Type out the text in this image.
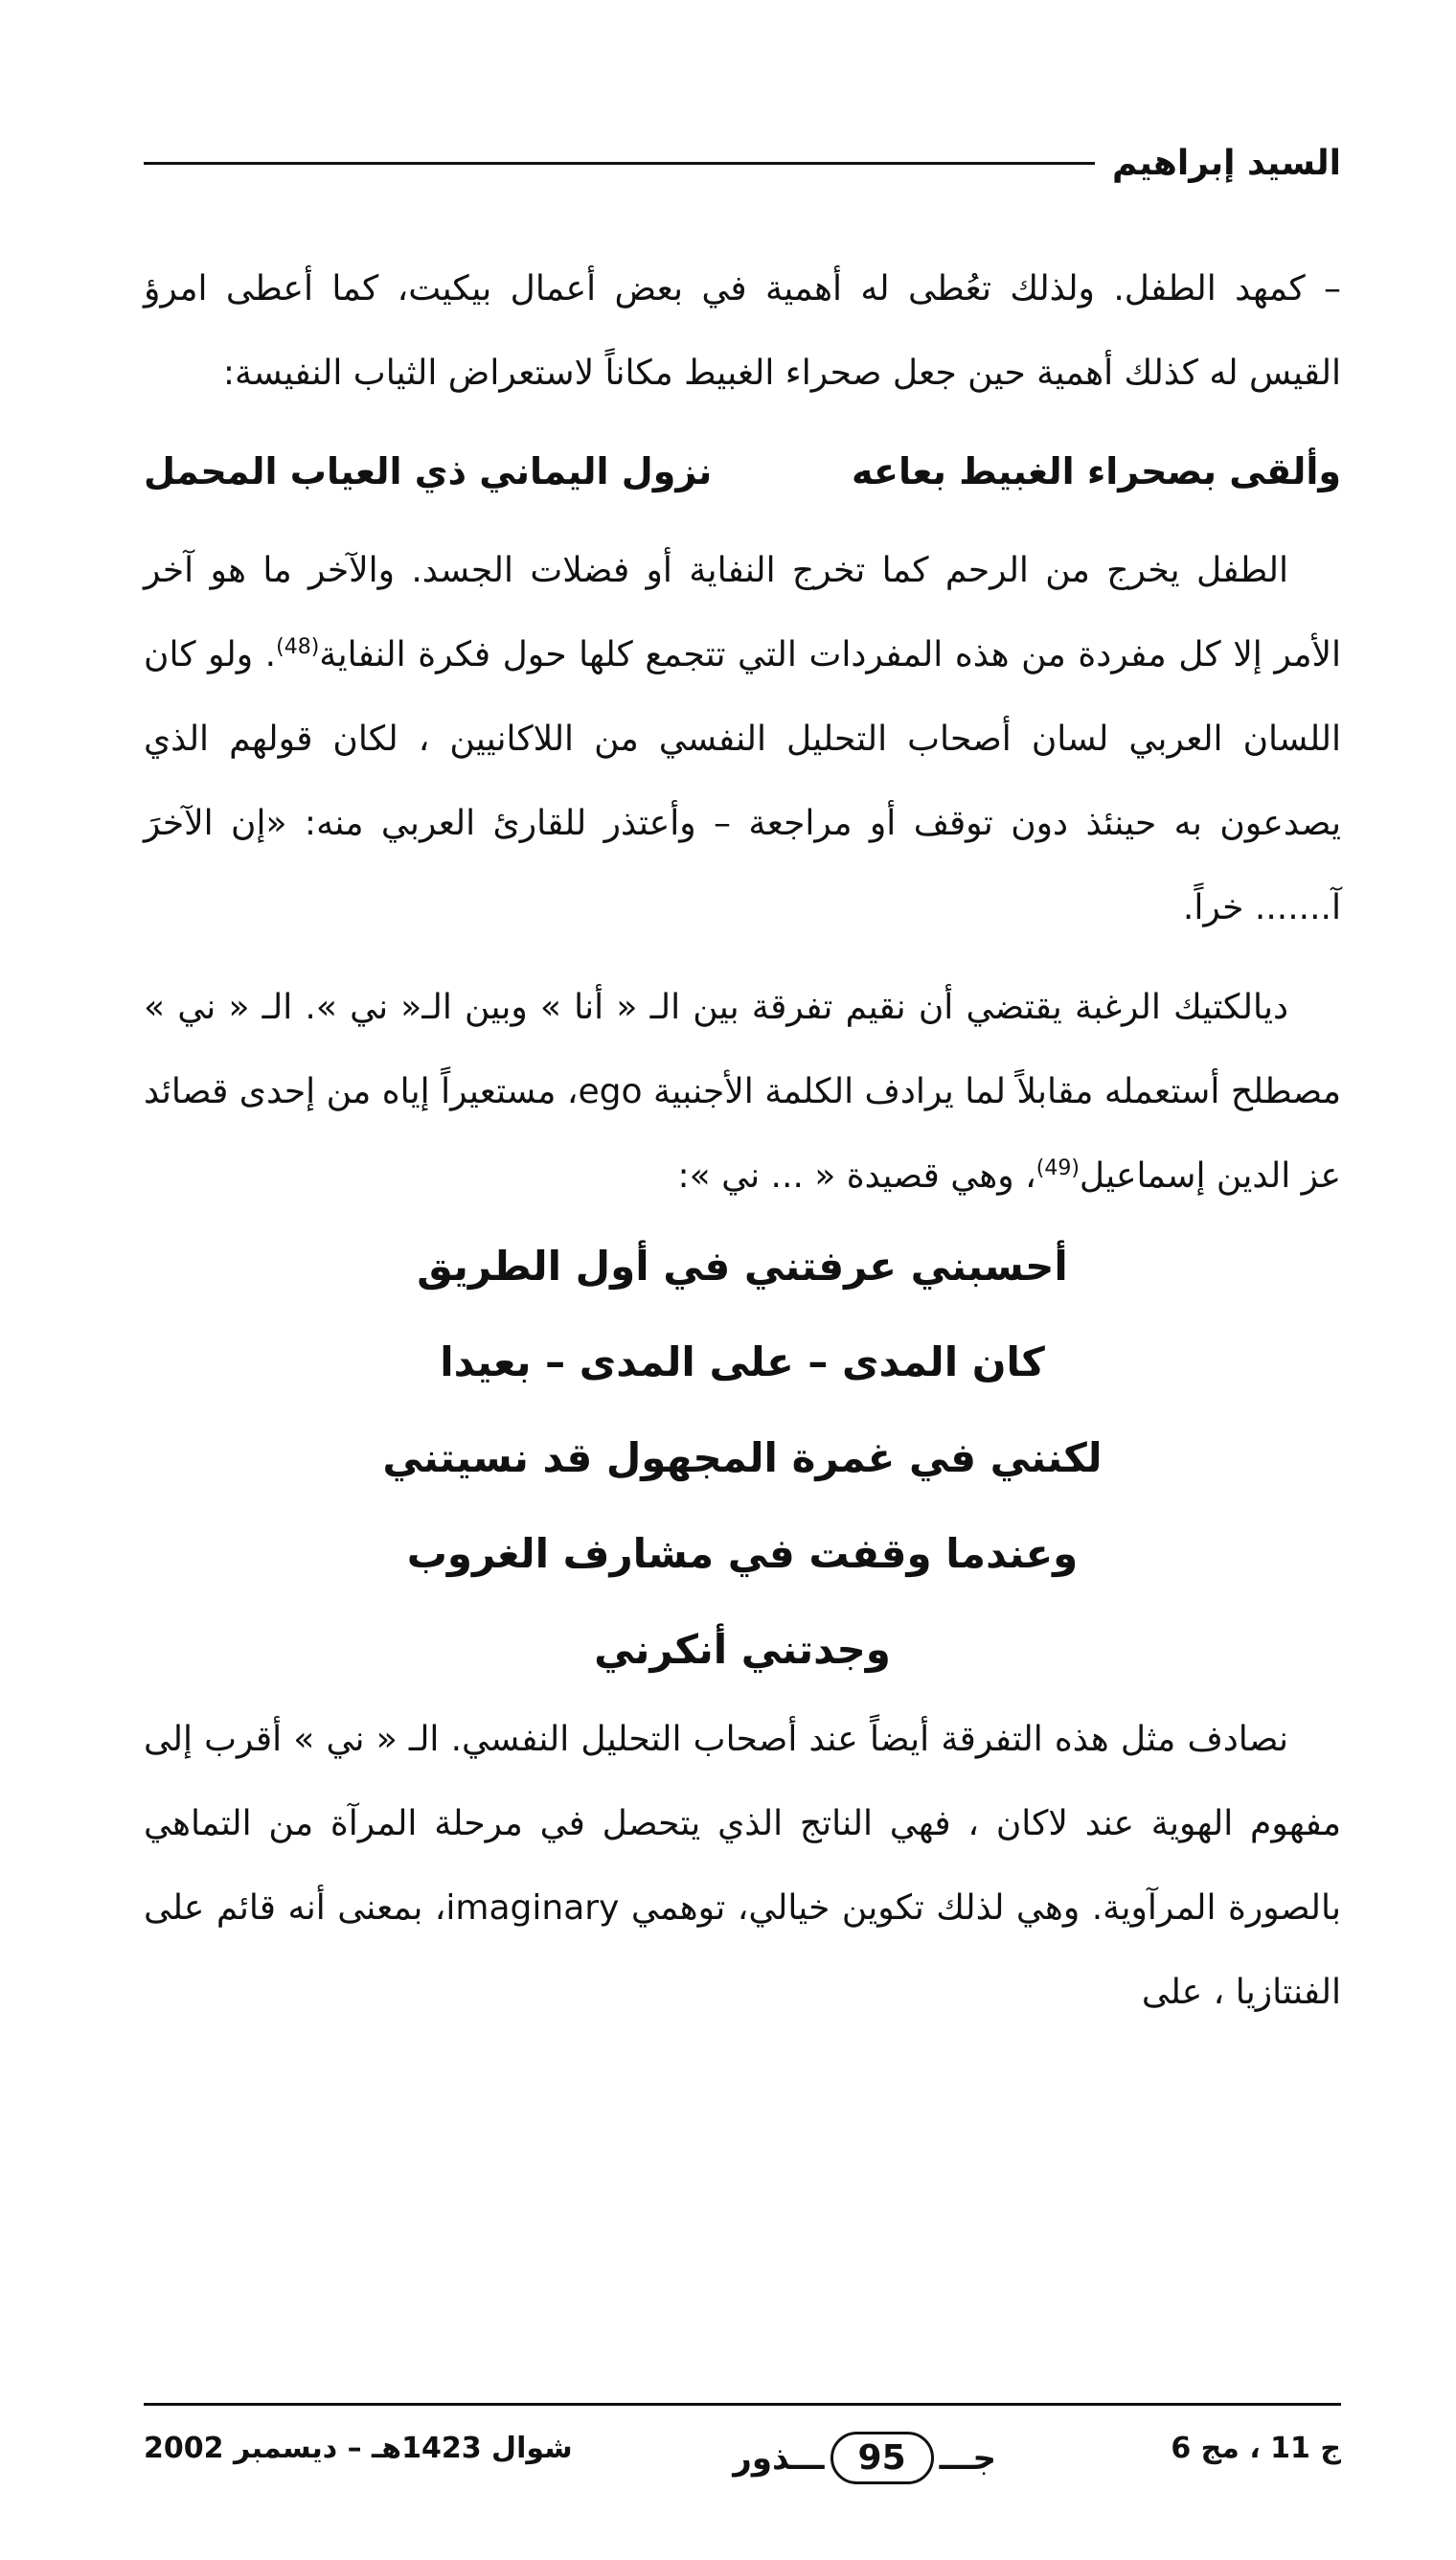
السيد إبراهيم

– كمهد الطفل. ولذلك تعُطى له أهمية في بعض أعمال بيكيت، كما أعطى امرؤ القيس له كذلك أهمية حين جعل صحراء الغبيط مكاناً لاستعراض الثياب النفيسة:

وألقى بصحراء الغبيط بعاعه
نزول اليماني ذي العياب المحمل

الطفل يخرج من الرحم كما تخرج النفاية أو فضلات الجسد. والآخر ما هو آخر الأمر إلا كل مفردة من هذه المفردات التي تتجمع كلها حول فكرة النفاية$^{(48)}$. ولو كان اللسان العربي لسان أصحاب التحليل النفسي من اللاكانيين ، لكان قولهم الذي يصدعون به حينئذ دون توقف أو مراجعة – وأعتذر للقارئ العربي منه: «إن الآخرَ آ....... خراً.

ديالكتيك الرغبة يقتضي أن نقيم تفرقة بين الـ « أنا » وبين الـ« ني ». الـ « ني » مصطلح أستعمله مقابلاً لما يرادف الكلمة الأجنبية ego، مستعيراً إياه من إحدى قصائد عز الدين إسماعيل$^{(49)}$، وهي قصيدة « ... ني »:

أحسبني عرفتني في أول الطريق

كان المدى – على المدى – بعيدا

لكنني في غمرة المجهول قد نسيتني

وعندما وقفت في مشارف الغروب

وجدتني أنكرني

نصادف مثل هذه التفرقة أيضاً عند أصحاب التحليل النفسي. الـ « ني » أقرب إلى مفهوم الهوية عند لاكان ، فهي الناتج الذي يتحصل في مرحلة المرآة من التماهي بالصورة المرآوية. وهي لذلك تكوين خيالي، توهمي imaginary، بمعنى أنه قائم على الفنتازيا ، على

ج 11 ، مج 6
جـــ
95
ـــذور
شوال 1423هـ – ديسمبر 2002
